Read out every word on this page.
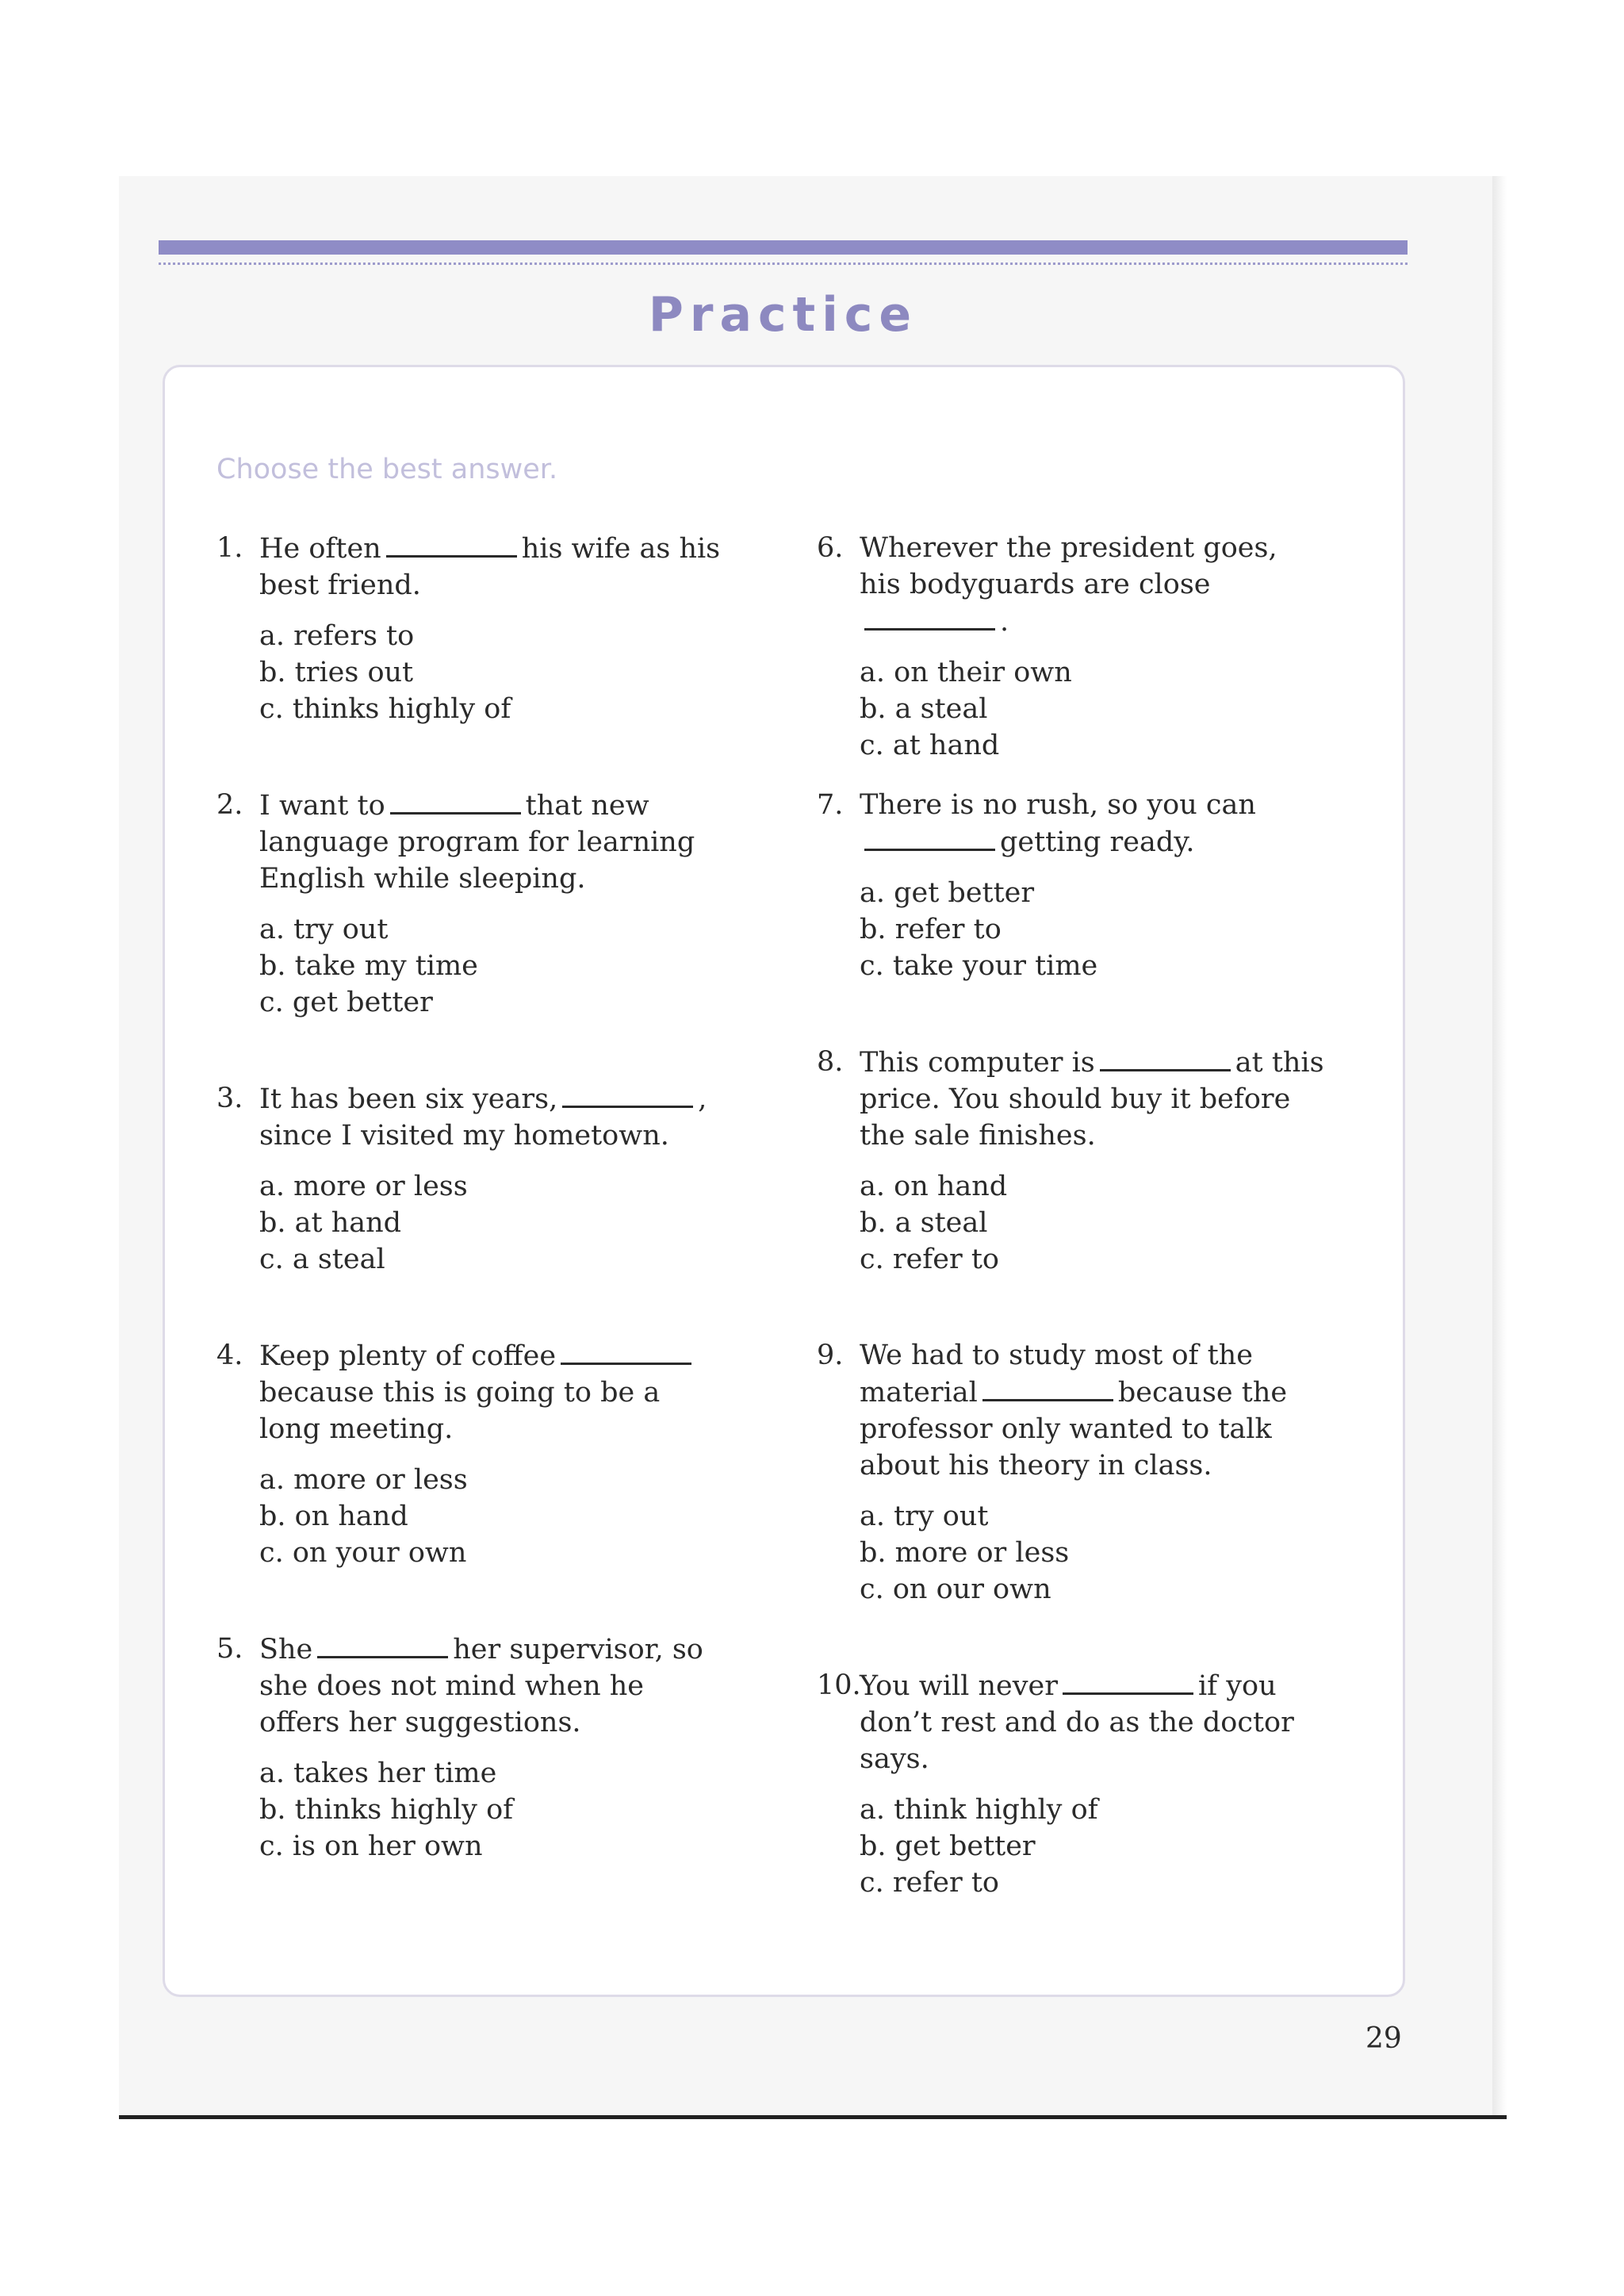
Practice
Choose the best answer.
1. He often	his wife as his best friend.
a. refers to
b. tries out
c. thinks highly of
2. I want to	that new language program for learning English while sleeping.
a. try out
b. take my time
c. get better
3. It has been six years,	, since I visited my hometown.
a. more or less
b. at hand
c. a steal
4. Keep plenty of coffeebecause this is going to be a long meeting.
a. more or less
b. on hand
c. on your own
5. She	her supervisor, so she does not mind when he offers her suggestions.
a. takes her time
b. thinks highly of
c. is on her own
6. Wherever the president goes, his bodyguards are close.
a. on their own
b. a steal
c. at hand
7. There is no rush, so you cangetting ready.
a. get better
b. refer to
c. take your time
8. This computer is	at this price. You should buy it before the sale finishes.
a. on hand
b. a steal
c. refer to
9. We had to study most of the material	because the professor only wanted to talk about his theory in class.
a. try out
b. more or less
c. on our own
10.
You will never	if you don’t rest and do as the doctor says.
a. think highly of
b. get better
c. refer to
29
